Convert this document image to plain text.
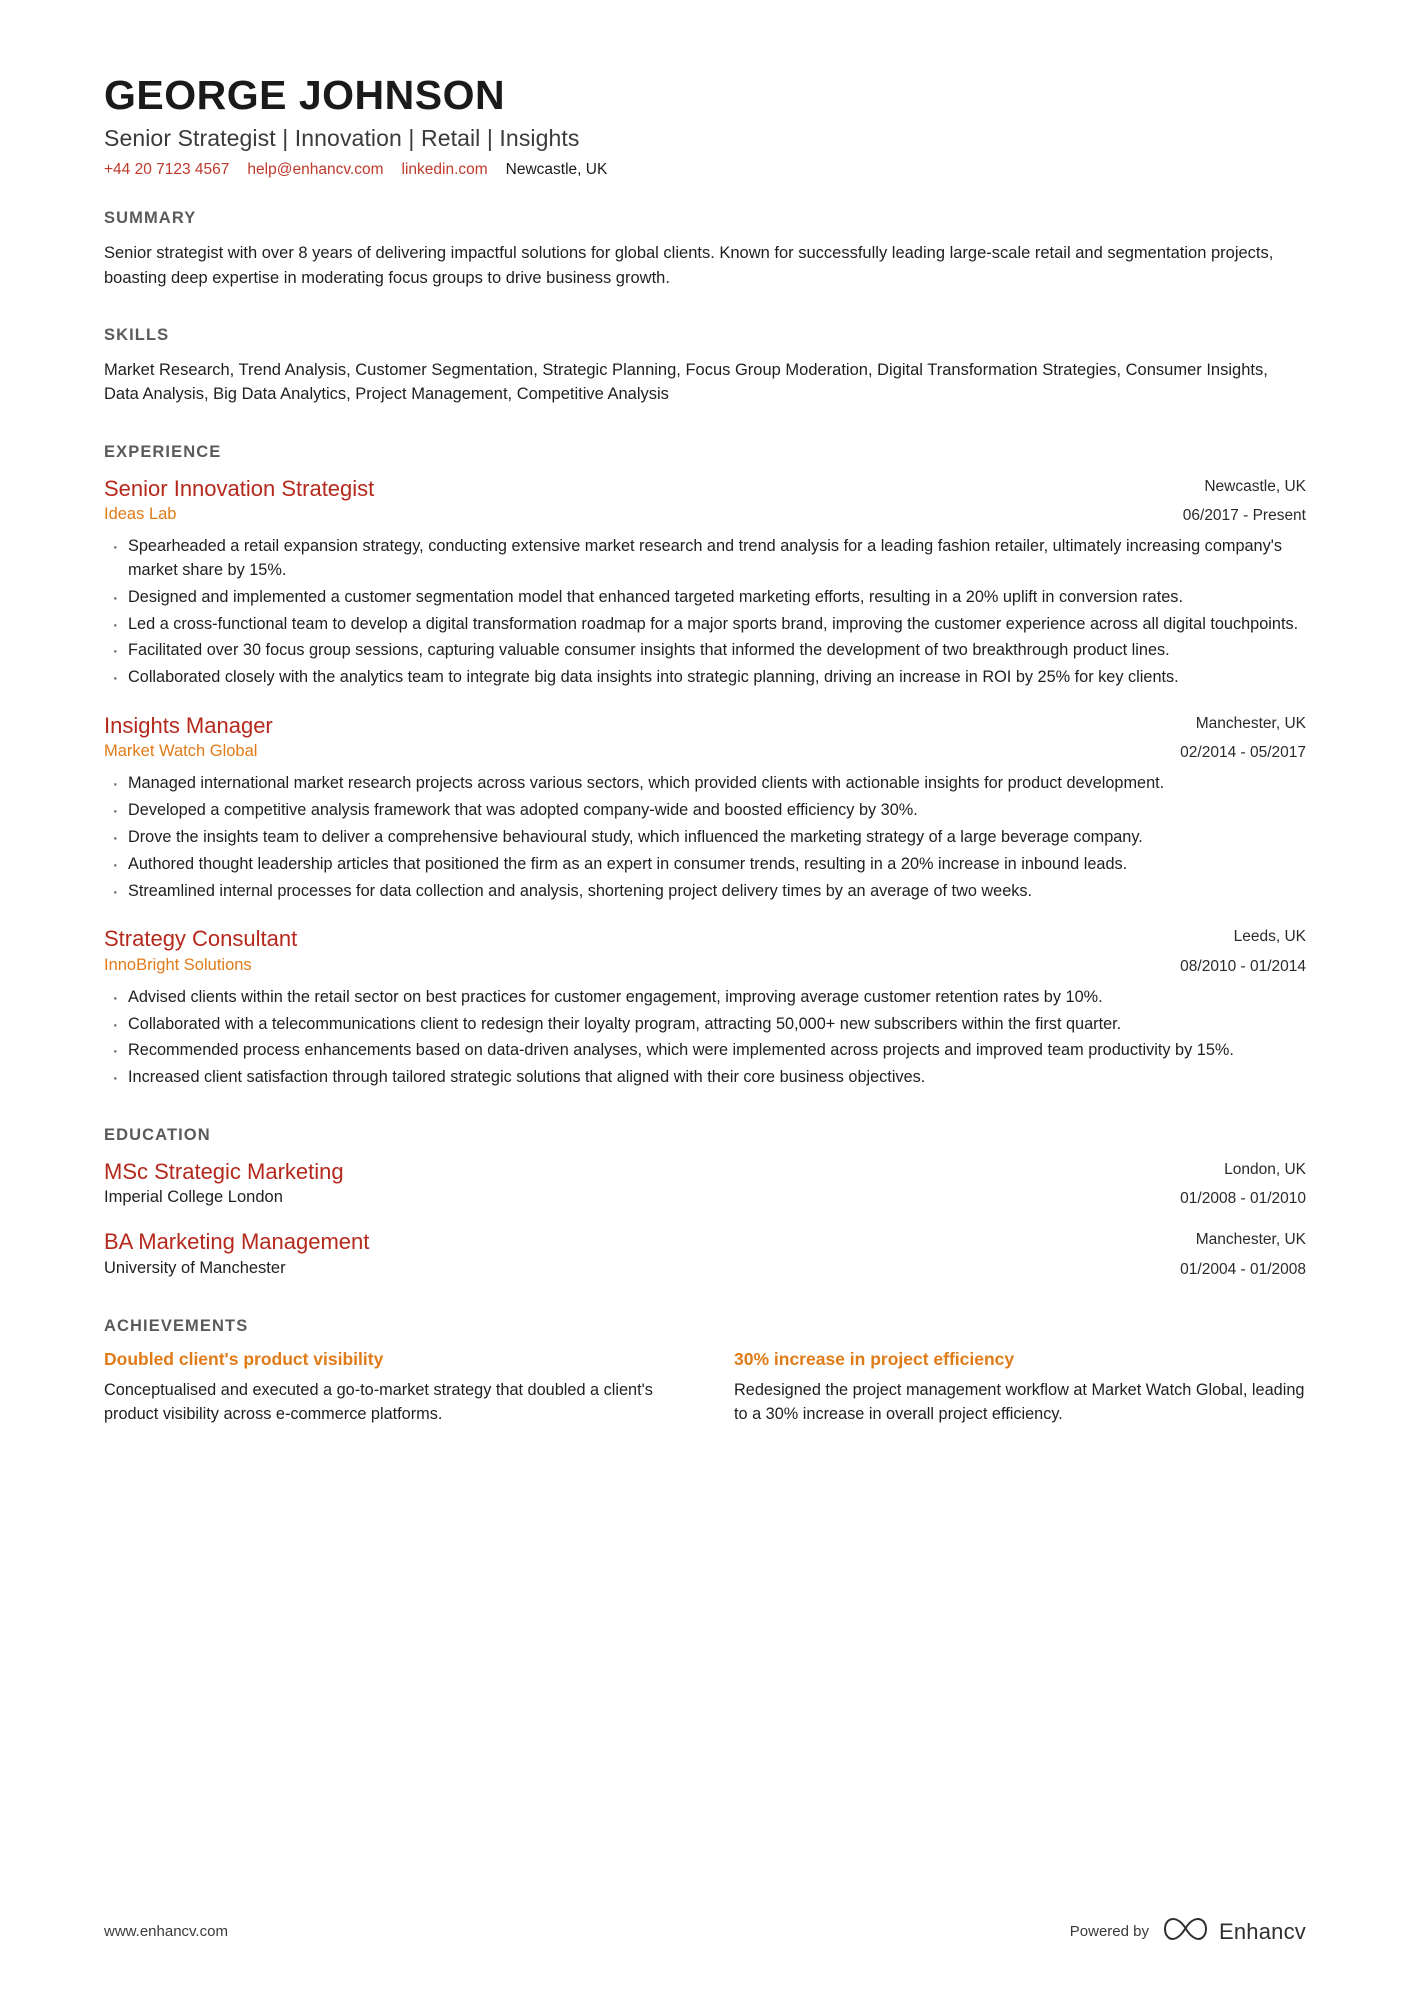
GEORGE JOHNSON
Senior Strategist | Innovation | Retail | Insights
+44 20 7123 4567 help@enhancv.com linkedin.com Newcastle, UK
SUMMARY
Senior strategist with over 8 years of delivering impactful solutions for global clients. Known for successfully leading large-scale retail and segmentation projects, boasting deep expertise in moderating focus groups to drive business growth.
SKILLS
Market Research, Trend Analysis, Customer Segmentation, Strategic Planning, Focus Group Moderation, Digital Transformation Strategies, Consumer Insights, Data Analysis, Big Data Analytics, Project Management, Competitive Analysis
EXPERIENCE
Senior Innovation Strategist
Ideas Lab
Newcastle, UK
06/2017 - Present
· Spearheaded a retail expansion strategy, conducting extensive market research and trend analysis for a leading fashion retailer, ultimately increasing company's market share by 15%.
· Designed and implemented a customer segmentation model that enhanced targeted marketing efforts, resulting in a 20% uplift in conversion rates.
· Led a cross-functional team to develop a digital transformation roadmap for a major sports brand, improving the customer experience across all digital touchpoints.
· Facilitated over 30 focus group sessions, capturing valuable consumer insights that informed the development of two breakthrough product lines.
· Collaborated closely with the analytics team to integrate big data insights into strategic planning, driving an increase in ROI by 25% for key clients.
Insights Manager
Market Watch Global
Manchester, UK
02/2014 - 05/2017
· Managed international market research projects across various sectors, which provided clients with actionable insights for product development.
· Developed a competitive analysis framework that was adopted company-wide and boosted efficiency by 30%.
· Drove the insights team to deliver a comprehensive behavioural study, which influenced the marketing strategy of a large beverage company.
· Authored thought leadership articles that positioned the firm as an expert in consumer trends, resulting in a 20% increase in inbound leads.
· Streamlined internal processes for data collection and analysis, shortening project delivery times by an average of two weeks.
Strategy Consultant
InnoBright Solutions
Leeds, UK
08/2010 - 01/2014
· Advised clients within the retail sector on best practices for customer engagement, improving average customer retention rates by 10%.
· Collaborated with a telecommunications client to redesign their loyalty program, attracting 50,000+ new subscribers within the first quarter.
· Recommended process enhancements based on data-driven analyses, which were implemented across projects and improved team productivity by 15%.
· Increased client satisfaction through tailored strategic solutions that aligned with their core business objectives.
EDUCATION
MSc Strategic Marketing
Imperial College London
London, UK
01/2008 - 01/2010
BA Marketing Management
University of Manchester
Manchester, UK
01/2004 - 01/2008
ACHIEVEMENTS
Doubled client's product visibility
Conceptualised and executed a go-to-market strategy that doubled a client's product visibility across e-commerce platforms.
30% increase in project efficiency
Redesigned the project management workflow at Market Watch Global, leading to a 30% increase in overall project efficiency.
www.enhancv.com	Powered by	Enhancv
